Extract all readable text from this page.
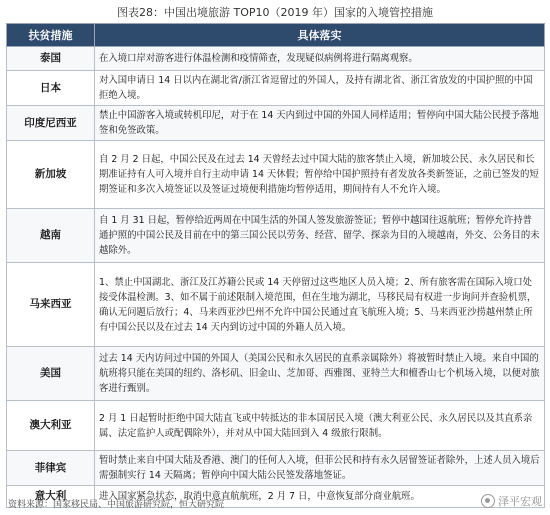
图表28：中国出境旅游 TOP10（2019 年）国家的入境管控措施
扶贫措施	具体落实
泰国	在入境口岸对游客进行体温检测和疫情筛查，发现疑似病例将进行隔离观察。
日本	对入国申请日 14 日以内在湖北省/浙江省逗留过的外国人，及持有湖北省、浙江省放发的中国护照的中国拒绝入境。
印度尼西亚	禁止中国游客入境或转机印尼，对于在 14 天内到过中国的外国人同样适用；暂停向中国大陆公民授予落地签和免签政策。
新加坡	自 2 月 2 日起，中国公民及在过去 14 天曾经去过中国大陆的旅客禁止入境，新加坡公民、永久居民和长期准证持有人可入境并自行主动申请 14 天休假；暂停给中国护照持有者发放各类新签证，之前已签发的短期签证和多次入境签证以及签证过境便利措施均暂停适用，期间持有人不允许入境。
越南	自 1 月 31 日起，暂停给近两周在中国生活的外国人签发旅游签证；暂停中越国往返航班；暂停允许持普通护照的中国公民及目前在中的第三国公民以劳务、经营、留学、探亲为目的入境越南，外交、公务目的未越除外。
马来西亚	1、禁止中国湖北、浙江及江苏籍公民或 14 天停留过这些地区人员入境；2、所有旅客需在国际入境口处接受体温检测。3、如不属于前述限制入境范围，但在生地为湖北，马移民局有权进一步询问并查验机票，确认无问题后放行；4、马来西亚沙巴州不允许中国公民通过直飞航班入境；5、马来西亚沙捞越州禁止所有中国公民以及在过去 14 天内到访过中国的外籍人员入境。
美国	过去 14 天内访问过中国的外国人（美国公民和永久居民的直系亲属除外）将被暂时禁止入境。来自中国的航班将只能在美国的纽约、洛杉矶、旧金山、芝加哥、西雅图、亚特兰大和檀香山七个机场入境，以便对旅客进行甄别。
澳大利亚	2 月 1 日起暂时拒绝中国大陆直飞或中转抵达的非本国居民入境（澳大利亚公民、永久居民以及其直系亲属、法定监护人或配偶除外），并对从中国大陆回到入 4 级旅行限制。
菲律宾	暂时禁止来自中国大陆及香港、澳门的任何人入境，但菲公民和持有永久居留签证者除外，上述人员入境后需强制实行 14 天隔离；暂停向中国大陆公民签发落地签证。
意大利	进入国家紧急状态，取消中意直航航班，2 月 7 日，中意恢复部分商业航班。
资料来源：国家移民局、中国旅游研究院，恒大研究院	泽平宏观
